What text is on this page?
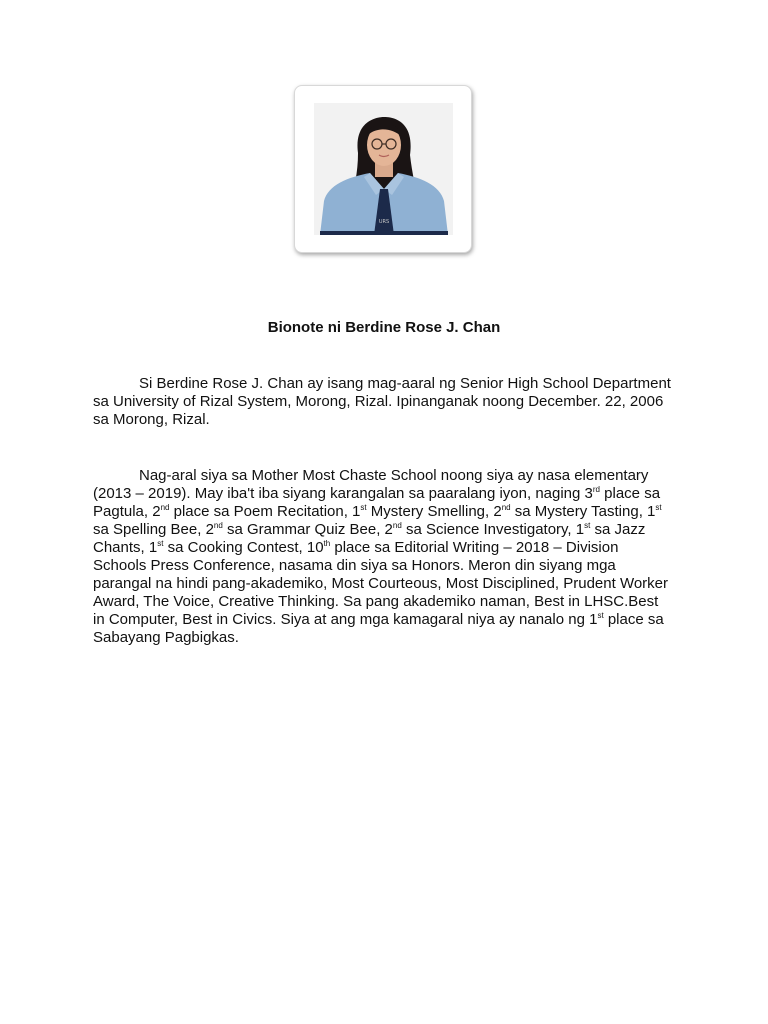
URS
Bionote ni Berdine Rose J. Chan

Si Berdine Rose J. Chan ay isang mag-aaral ng Senior High School Department sa University of Rizal System, Morong, Rizal. Ipinanganak noong December. 22, 2006 sa Morong, Rizal.

Nag-aral siya sa Mother Most Chaste School noong siya ay nasa elementary (2013 – 2019). May iba't iba siyang karangalan sa paaralang iyon, naging 3rd place sa Pagtula, 2nd place sa Poem Recitation, 1st Mystery Smelling, 2nd sa Mystery Tasting, 1st sa Spelling Bee, 2nd sa Grammar Quiz Bee, 2nd sa Science Investigatory, 1st sa Jazz Chants, 1st sa Cooking Contest, 10th place sa Editorial Writing – 2018 – Division Schools Press Conference, nasama din siya sa Honors. Meron din siyang mga parangal na hindi pang-akademiko, Most Courteous, Most Disciplined, Prudent Worker Award, The Voice, Creative Thinking. Sa pang akademiko naman, Best in LHSC.Best in Computer, Best in Civics. Siya at ang mga kamagaral niya ay nanalo ng 1st place sa Sabayang Pagbigkas.
